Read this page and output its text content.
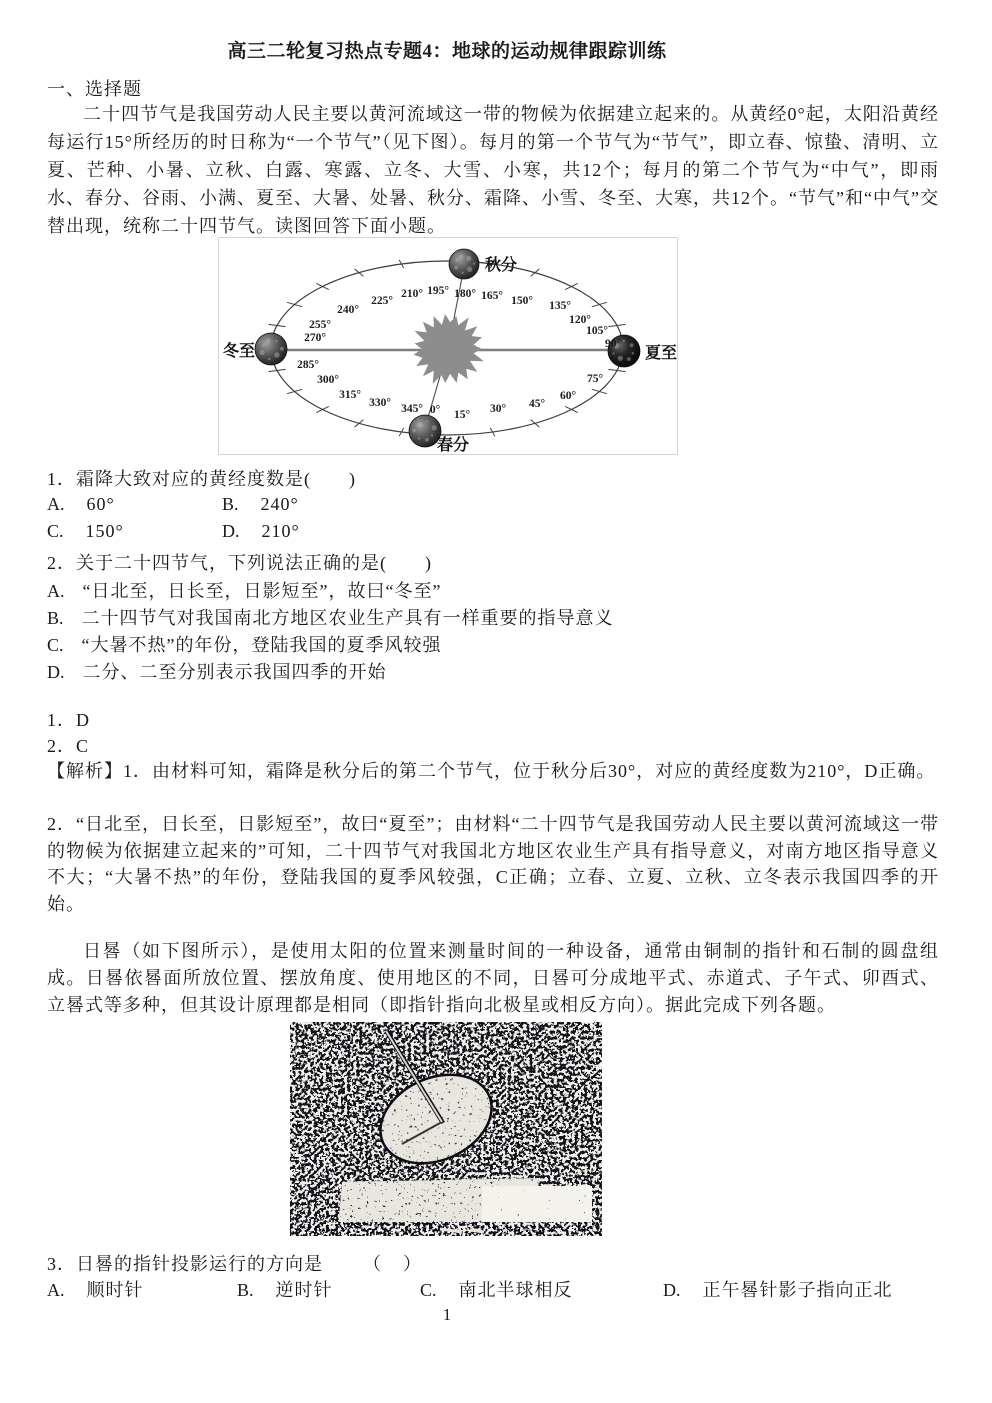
高三二轮复习热点专题4：地球的运动规律跟踪训练
一、选择题
二十四节气是我国劳动人民主要以黄河流域这一带的物候为依据建立起来的。从黄经0°起，太阳沿黄经每运行15°所经历的时日称为“一个节气”（见下图）。每月的第一个节气为“节气”，即立春、惊蛰、清明、立夏、芒种、小暑、立秋、白露、寒露、立冬、大雪、小寒，共12个；每月的第二个节气为“中气”，即雨水、春分、谷雨、小满、夏至、大暑、处暑、秋分、霜降、小雪、冬至、大寒，共12个。“节气”和“中气”交替出现，统称二十四节气。读图回答下面小题。
270°
255°
240°
225°
210° 195° 180° 165° 150° 135°
120°
105°
90°
75°
60°
45°
30°
15°
0°
345°
330°
315°
300°
285°
冬至	夏至
秋分
春分
1．霜降大致对应的黄经度数是(　　)
A. 60°	B. 240°
C. 150°	D. 210°
2．关于二十四节气，下列说法正确的是(　　)
A. “日北至，日长至，日影短至”，故曰“冬至”
B. 二十四节气对我国南北方地区农业生产具有一样重要的指导意义
C. “大暑不热”的年份，登陆我国的夏季风较强
D. 二分、二至分别表示我国四季的开始
1．D
2．C
【解析】1．由材料可知，霜降是秋分后的第二个节气，位于秋分后30°，对应的黄经度数为210°，D正确。
2．“日北至，日长至，日影短至”，故曰“夏至”；由材料“二十四节气是我国劳动人民主要以黄河流域这一带的物候为依据建立起来的”可知，二十四节气对我国北方地区农业生产具有指导意义，对南方地区指导意义不大；“大暑不热”的年份，登陆我国的夏季风较强，C正确；立春、立夏、立秋、立冬表示我国四季的开始。
日晷（如下图所示），是使用太阳的位置来测量时间的一种设备，通常由铜制的指针和石制的圆盘组成。日晷依晷面所放位置、摆放角度、使用地区的不同，日晷可分成地平式、赤道式、子午式、卯酉式、立晷式等多种，但其设计原理都是相同（即指针指向北极星或相反方向）。据此完成下列各题。
3．日晷的指针投影运行的方向是 （　）
A. 顺时针	B. 逆时针	C. 南北半球相反	D. 正午晷针影子指向正北
1
